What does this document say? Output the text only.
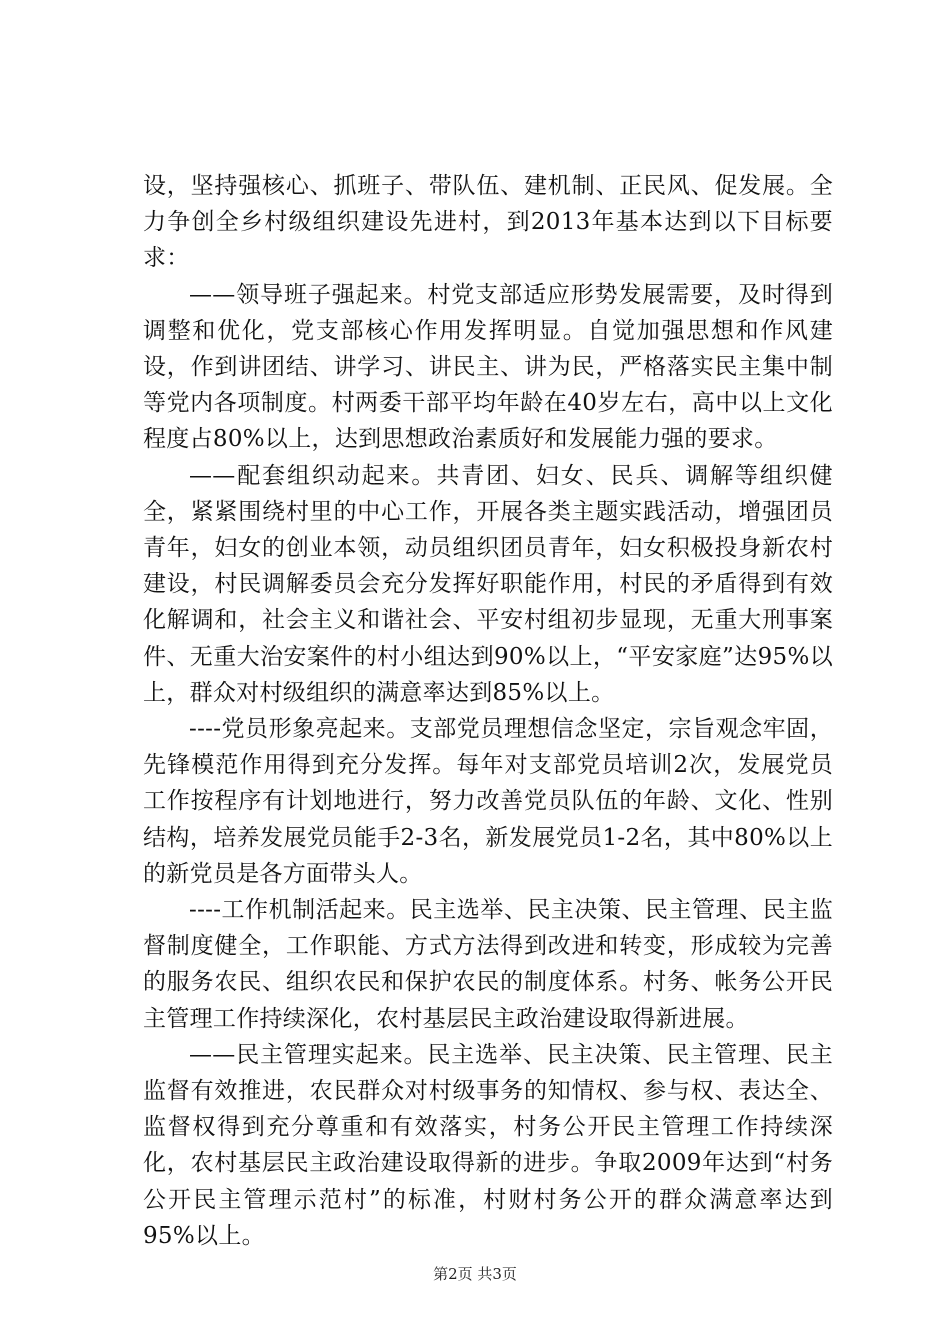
设，坚持强核心、抓班子、带队伍、建机制、正民风、促发展。全力争创全乡村级组织建设先进村，到2013年基本达到以下目标要求：

——领导班子强起来。村党支部适应形势发展需要，及时得到调整和优化，党支部核心作用发挥明显。自觉加强思想和作风建设，作到讲团结、讲学习、讲民主、讲为民，严格落实民主集中制等党内各项制度。村两委干部平均年龄在40岁左右，高中以上文化程度占80%以上，达到思想政治素质好和发展能力强的要求。

——配套组织动起来。共青团、妇女、民兵、调解等组织健全，紧紧围绕村里的中心工作，开展各类主题实践活动，增强团员青年，妇女的创业本领，动员组织团员青年，妇女积极投身新农村建设，村民调解委员会充分发挥好职能作用，村民的矛盾得到有效化解调和，社会主义和谐社会、平安村组初步显现，无重大刑事案件、无重大治安案件的村小组达到90%以上，“平安家庭”达95%以上，群众对村级组织的满意率达到85%以上。

----党员形象亮起来。支部党员理想信念坚定，宗旨观念牢固，先锋模范作用得到充分发挥。每年对支部党员培训2次，发展党员工作按程序有计划地进行，努力改善党员队伍的年龄、文化、性别结构，培养发展党员能手2-3名，新发展党员1-2名，其中80%以上的新党员是各方面带头人。

----工作机制活起来。民主选举、民主决策、民主管理、民主监督制度健全，工作职能、方式方法得到改进和转变，形成较为完善的服务农民、组织农民和保护农民的制度体系。村务、帐务公开民主管理工作持续深化，农村基层民主政治建设取得新进展。

——民主管理实起来。民主选举、民主决策、民主管理、民主监督有效推进，农民群众对村级事务的知情权、参与权、表达全、监督权得到充分尊重和有效落实，村务公开民主管理工作持续深化，农村基层民主政治建设取得新的进步。争取2009年达到“村务公开民主管理示范村”的标准，村财村务公开的群众满意率达到95%以上。

第2页 共3页
